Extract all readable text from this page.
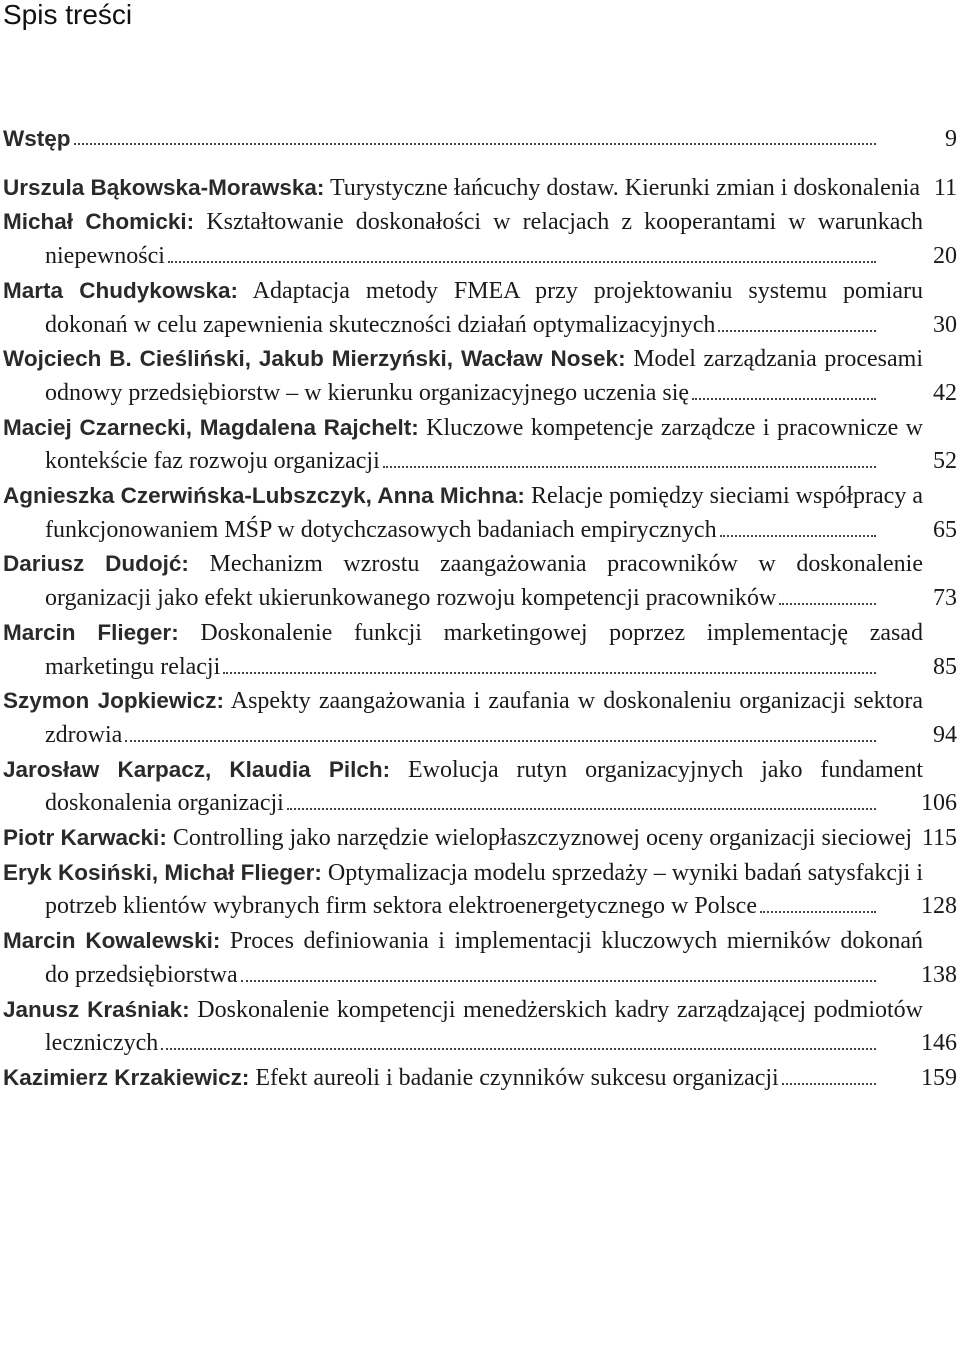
Spis treści

Wstęp	9

Urszula Bąkowska-Morawska: Turystyczne łańcuchy dostaw. Kierunki zmian i doskonalenia 11

Michał Chomicki: Kształtowanie doskonałości w relacjach z kooperantami w warunkach niepewności	20

Marta Chudykowska: Adaptacja metody FMEA przy projektowaniu systemu pomiaru dokonań w celu zapewnienia skuteczności działań optymalizacyjnych	30

Wojciech B. Cieśliński, Jakub Mierzyński, Wacław Nosek: Model zarządzania procesami odnowy przedsiębiorstw – w kierunku organizacyjnego uczenia się	42

Maciej Czarnecki, Magdalena Rajchelt: Kluczowe kompetencje zarządcze i pracownicze w kontekście faz rozwoju organizacji	52

Agnieszka Czerwińska-Lubszczyk, Anna Michna: Relacje pomiędzy sieciami współpracy a funkcjonowaniem MŚP w dotychczasowych badaniach empirycznych	65

Dariusz Dudojć: Mechanizm wzrostu zaangażowania pracowników w doskonalenie organizacji jako efekt ukierunkowanego rozwoju kompetencji pracowników	73

Marcin Flieger: Doskonalenie funkcji marketingowej poprzez implementację zasad marketingu relacji	85

Szymon Jopkiewicz: Aspekty zaangażowania i zaufania w doskonaleniu organizacji sektora zdrowia	94

Jarosław Karpacz, Klaudia Pilch: Ewolucja rutyn organizacyjnych jako fundament doskonalenia organizacji	106

Piotr Karwacki: Controlling jako narzędzie wielopłaszczyznowej oceny organizacji sieciowej 115

Eryk Kosiński, Michał Flieger: Optymalizacja modelu sprzedaży – wyniki badań satysfakcji i potrzeb klientów wybranych firm sektora elektroenergetycznego w Polsce	128

Marcin Kowalewski: Proces definiowania i implementacji kluczowych mierników dokonań do przedsiębiorstwa	138

Janusz Kraśniak: Doskonalenie kompetencji menedżerskich kadry zarządzającej podmiotów leczniczych	146

Kazimierz Krzakiewicz: Efekt aureoli i badanie czynników sukcesu organizacji	159
